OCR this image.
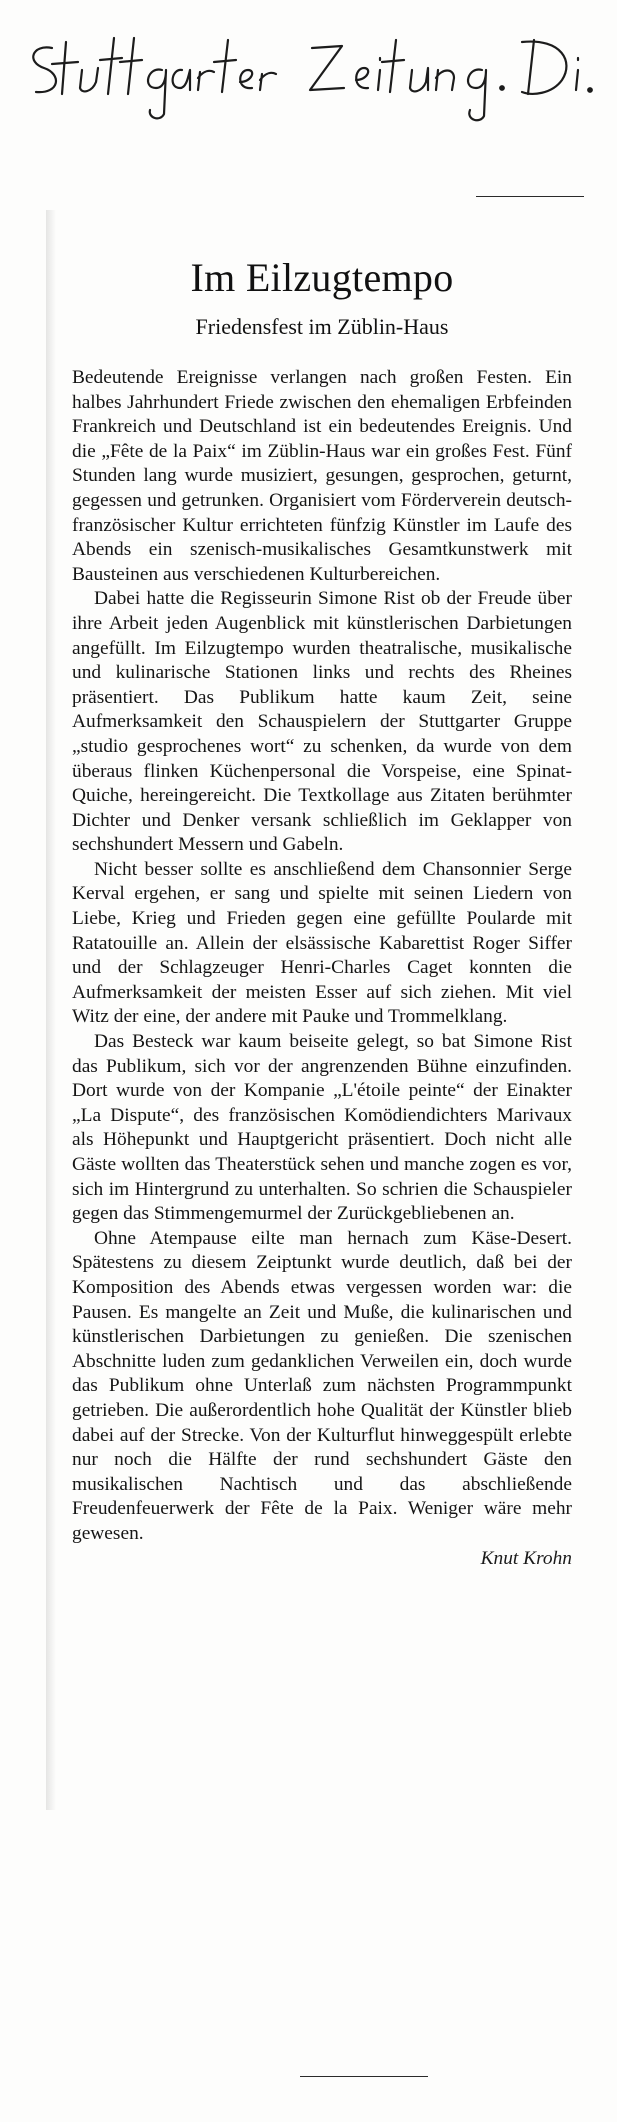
Im Eilzugtempo
Friedensfest im Züblin-Haus

Bedeutende Ereignisse verlangen nach großen Festen. Ein halbes Jahrhundert Friede zwischen den ehemaligen Erbfeinden Frankreich und Deutschland ist ein bedeutendes Ereignis. Und die „Fête de la Paix“ im Züblin-Haus war ein großes Fest. Fünf Stunden lang wurde musiziert, gesungen, gesprochen, geturnt, gegessen und getrunken. Organisiert vom Förderverein deutsch-französischer Kultur errichteten fünfzig Künstler im Laufe des Abends ein szenisch-musikalisches Gesamtkunstwerk mit Bausteinen aus verschiedenen Kulturbereichen.

Dabei hatte die Regisseurin Simone Rist ob der Freude über ihre Arbeit jeden Augenblick mit künstlerischen Darbietungen angefüllt. Im Eilzugtempo wurden theatralische, musikalische und kulinarische Stationen links und rechts des Rheines präsentiert. Das Publikum hatte kaum Zeit, seine Aufmerksamkeit den Schauspielern der Stuttgarter Gruppe „studio gesprochenes wort“ zu schenken, da wurde von dem überaus flinken Küchenpersonal die Vorspeise, eine Spinat-Quiche, hereingereicht. Die Textkollage aus Zitaten berühmter Dichter und Denker versank schließlich im Geklapper von sechshundert Messern und Gabeln.

Nicht besser sollte es anschließend dem Chansonnier Serge Kerval ergehen, er sang und spielte mit seinen Liedern von Liebe, Krieg und Frieden gegen eine gefüllte Poularde mit Ratatouille an. Allein der elsässische Kabarettist Roger Siffer und der Schlagzeuger Henri-Charles Caget konnten die Aufmerksamkeit der meisten Esser auf sich ziehen. Mit viel Witz der eine, der andere mit Pauke und Trommelklang.

Das Besteck war kaum beiseite gelegt, so bat Simone Rist das Publikum, sich vor der angrenzenden Bühne einzufinden. Dort wurde von der Kompanie „L'étoile peinte“ der Einakter „La Dispute“, des französischen Komödiendichters Marivaux als Höhepunkt und Hauptgericht präsentiert. Doch nicht alle Gäste wollten das Theaterstück sehen und manche zogen es vor, sich im Hintergrund zu unterhalten. So schrien die Schauspieler gegen das Stimmengemurmel der Zurückgebliebenen an.

Ohne Atempause eilte man hernach zum Käse-Desert. Spätestens zu diesem Zeiptunkt wurde deutlich, daß bei der Komposition des Abends etwas vergessen worden war: die Pausen. Es mangelte an Zeit und Muße, die kulinarischen und künstlerischen Darbietungen zu genießen. Die szenischen Abschnitte luden zum gedanklichen Verweilen ein, doch wurde das Publikum ohne Unterlaß zum nächsten Programmpunkt getrieben. Die außerordentlich hohe Qualität der Künstler blieb dabei auf der Strecke. Von der Kulturflut hinweggespült erlebte nur noch die Hälfte der rund sechshundert Gäste den musikalischen Nachtisch und das abschließende Freudenfeuerwerk der Fête de la Paix. Weniger wäre mehr gewesen.

Knut Krohn
